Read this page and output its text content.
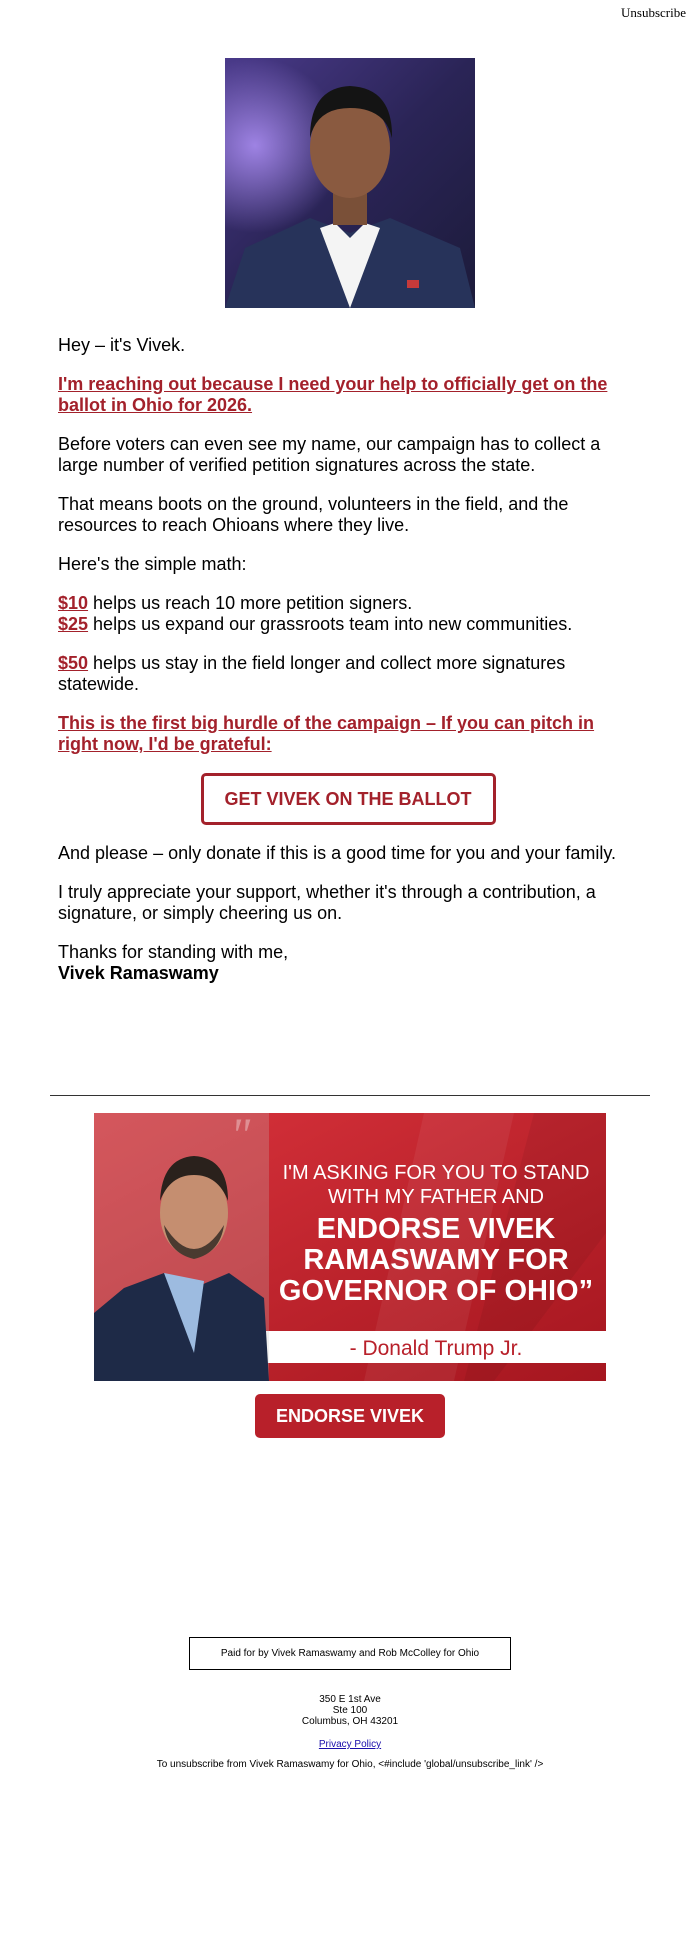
Unsubscribe

Hey – it's Vivek.

I'm reaching out because I need your help to officially get on the ballot in Ohio for 2026.

Before voters can even see my name, our campaign has to collect a large number of verified petition signatures across the state.

That means boots on the ground, volunteers in the field, and the resources to reach Ohioans where they live.

Here's the simple math:

$10 helps us reach 10 more petition signers.
$25 helps us expand our grassroots team into new communities.

$50 helps us stay in the field longer and collect more signatures statewide.

This is the first big hurdle of the campaign – If you can pitch in right now, I'd be grateful:

GET VIVEK ON THE BALLOT

And please – only donate if this is a good time for you and your family.

I truly appreciate your support, whether it's through a contribution, a signature, or simply cheering us on.

Thanks for standing with me,
Vivek Ramaswamy

"
I'M ASKING FOR YOU TO STAND
WITH MY FATHER AND
ENDORSE VIVEK
RAMASWAMY FOR
GOVERNOR OF OHIO”
- Donald Trump Jr.
ENDORSE VIVEK
Paid for by Vivek Ramaswamy and Rob McColley for Ohio
350 E 1st Ave
Ste 100
Columbus, OH 43201
Privacy Policy
To unsubscribe from Vivek Ramaswamy for Ohio, <#include 'global/unsubscribe_link' />
